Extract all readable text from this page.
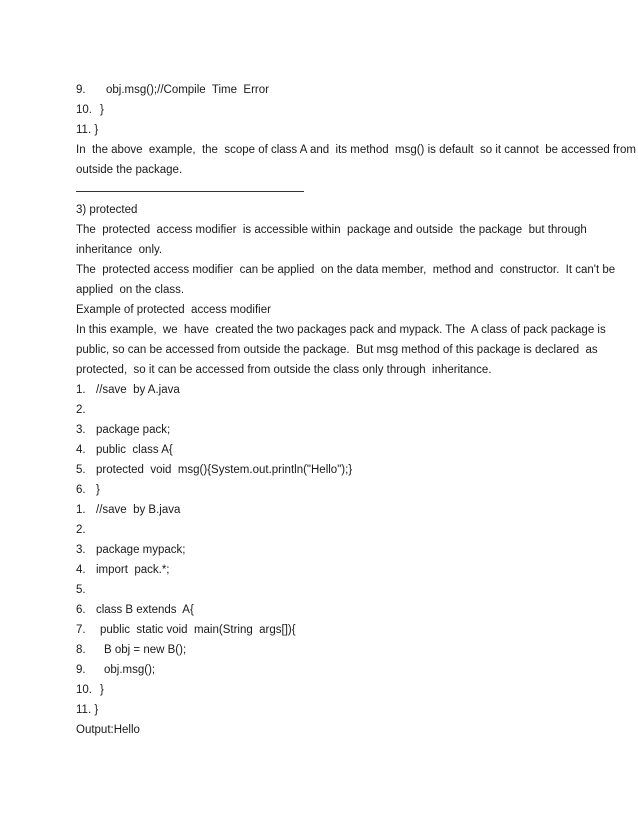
9. obj.msg();//Compile  Time  Error
10. }
11. }
In  the above  example,  the  scope of class A and  its method  msg() is default  so it cannot  be accessed from
outside the package.
3) protected
The  protected  access modifier  is accessible within  package and outside  the package  but through
inheritance  only.
The  protected access modifier  can be applied  on the data member,  method and  constructor.  It can't be
applied  on the class.
Example of protected  access modifier
In this example,  we  have  created the two packages pack and mypack. The  A class of pack package is
public, so can be accessed from outside the package.  But msg method of this package is declared  as
protected,  so it can be accessed from outside the class only through  inheritance.
1. //save  by A.java
2.
3. package pack;
4. public  class A{
5. protected  void  msg(){System.out.println("Hello");}
6. }
1. //save  by B.java
2.
3. package mypack;
4. import  pack.*;
5.
6. class B extends  A{
7. public  static void  main(String  args[]){
8. B obj = new B();
9. obj.msg();
10. }
11. }
Output:Hello
